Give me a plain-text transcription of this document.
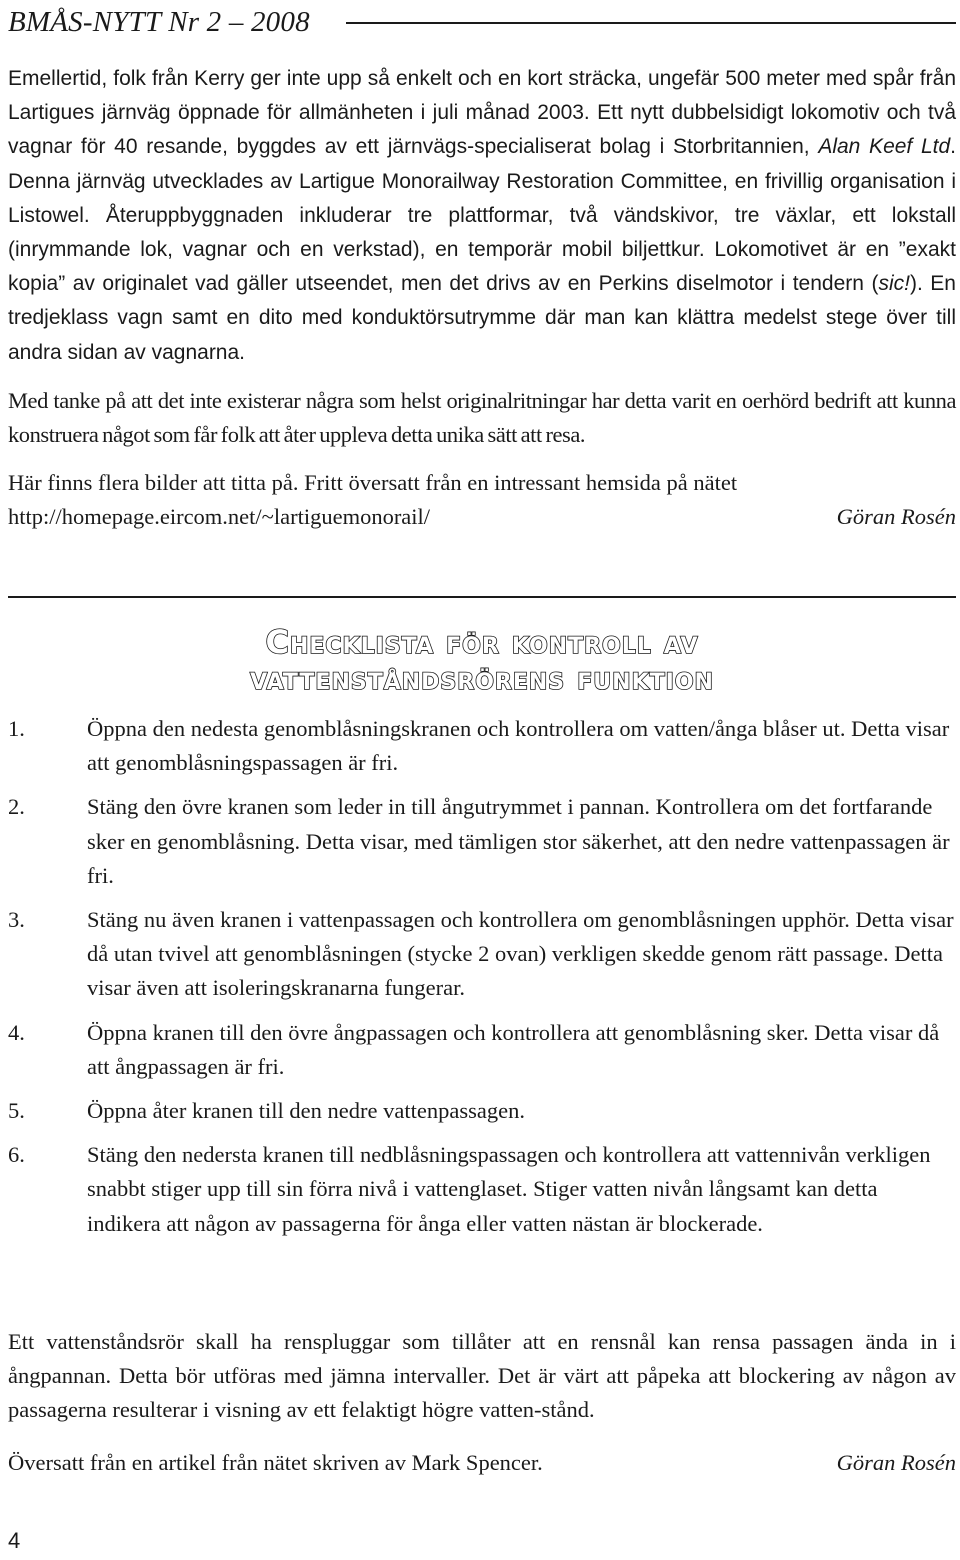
BMÅS-NYTT Nr 2 – 2008

Emellertid, folk från Kerry ger inte upp så enkelt och en kort sträcka, ungefär 500 meter med spår från Lartigues järnväg öppnade för allmänheten i juli månad 2003. Ett nytt dubbelsidigt lokomotiv och två vagnar för 40 resande, byggdes av ett järnvägs-specialiserat bolag i Storbritannien, Alan Keef Ltd. Denna järnväg utvecklades av Lartigue Monorailway Restoration Committee, en frivillig organisation i Listowel. Återuppbyggnaden inkluderar tre plattformar, två vändskivor, tre växlar, ett lokstall (inrymmande lok, vagnar och en verkstad), en temporär mobil biljettkur. Lokomotivet är en ”exakt kopia” av originalet vad gäller utseendet, men det drivs av en Perkins diselmotor i tendern (sic!). En tredjeklass vagn samt en dito med konduktörsutrymme där man kan klättra medelst stege över till andra sidan av vagnarna.

Med tanke på att det inte existerar några som helst originalritningar har detta varit en oerhörd bedrift att kunna konstruera något som får folk att åter uppleva detta unika sätt att resa.

Här finns flera bilder att titta på. Fritt översatt från en intressant hemsida på nätet
http://homepage.eircom.net/~lartiguemonorail/	Göran Rosén
Checklista för kontroll av
vattenståndsrörens funktion
1.	Öppna den nedesta genomblåsningskranen och kontrollera om vatten/ånga blåser ut. Detta visar att genomblåsningspassagen är fri.
2.	Stäng den övre kranen som leder in till ångutrymmet i pannan. Kontrollera om det fortfarande sker en genomblåsning. Detta visar, med tämligen stor säkerhet, att den nedre vattenpassagen är fri.
3.	Stäng nu även kranen i vattenpassagen och kontrollera om genomblåsningen upphör. Detta visar då utan tvivel att genomblåsningen (stycke 2 ovan) verkligen skedde genom rätt passage. Detta visar även att isoleringskranarna fungerar.
4.	Öppna kranen till den övre ångpassagen och kontrollera att genomblåsning sker. Detta visar då att ångpassagen är fri.
5.	Öppna åter kranen till den nedre vattenpassagen.
6.	Stäng den nedersta kranen till nedblåsningspassagen och kontrollera att vattennivån verkligen snabbt stiger upp till sin förra nivå i vattenglaset. Stiger vatten nivån långsamt kan detta indikera att någon av passagerna för ånga eller vatten nästan är blockerade.

Ett vattenståndsrör skall ha renspluggar som tillåter att en rensnål kan rensa passagen ända in i ångpannan. Detta bör utföras med jämna intervaller. Det är värt att påpeka att blockering av någon av passagerna resulterar i visning av ett felaktigt högre vatten-stånd.

Översatt från en artikel från nätet skriven av Mark Spencer.	Göran Rosén
4
